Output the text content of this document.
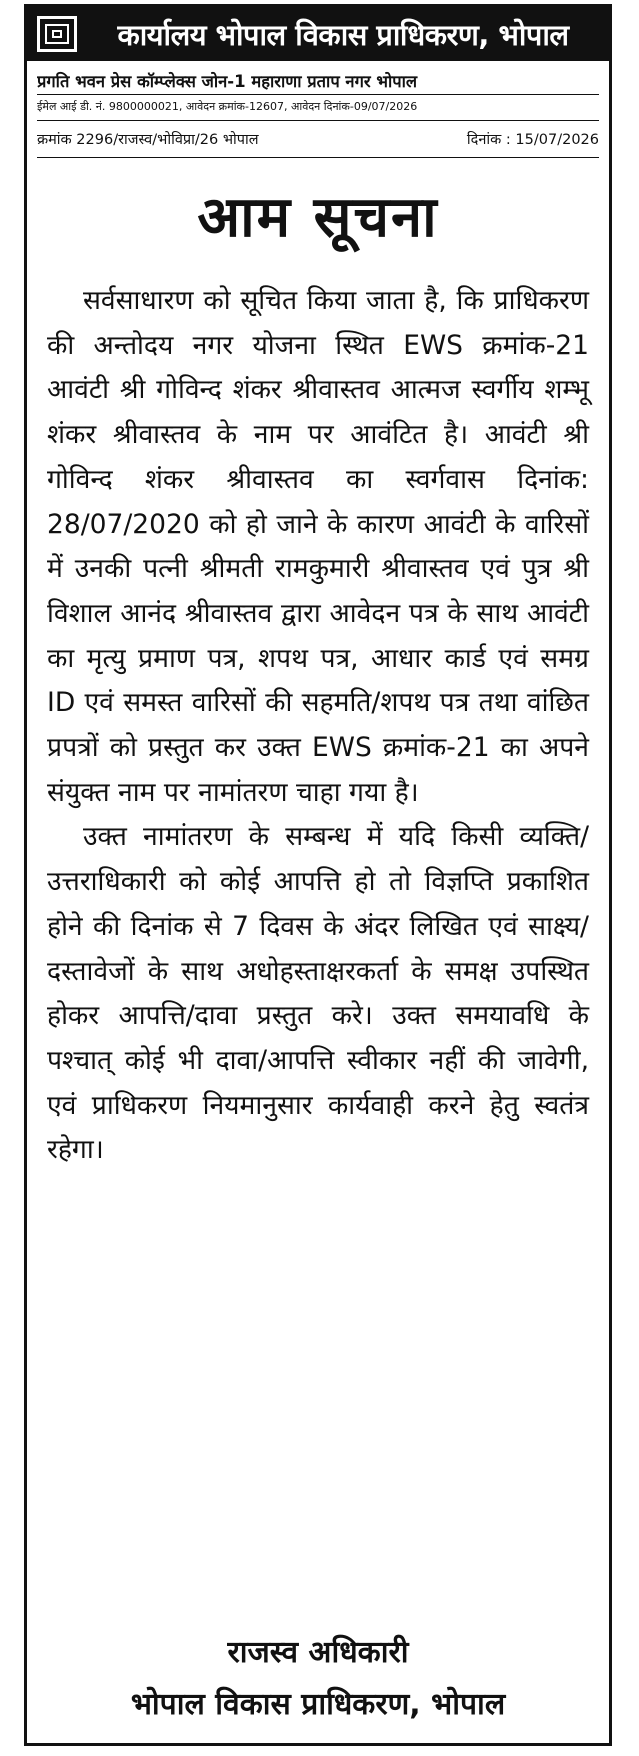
कार्यालय भोपाल विकास प्राधिकरण, भोपाल
प्रगति भवन प्रेस कॉम्प्लेक्स जोन-1 महाराणा प्रताप नगर भोपाल
ईमेल आई डी. नं. 9800000021, आवेदन क्रमांक-12607, आवेदन दिनांक-09/07/2026
क्रमांक 2296/राजस्व/भोविप्रा/26 भोपाल	दिनांक : 15/07/2026
आम सूचना

सर्वसाधारण को सूचित किया जाता है, कि प्राधिकरण की अन्तोदय नगर योजना स्थित EWS क्रमांक-21 आवंटी श्री गोविन्द शंकर श्रीवास्तव आत्मज स्वर्गीय शम्भू शंकर श्रीवास्तव के नाम पर आवंटित है। आवंटी श्री गोविन्द शंकर श्रीवास्तव का स्वर्गवास दिनांक: 28/07/2020 को हो जाने के कारण आवंटी के वारिसों में उनकी पत्नी श्रीमती रामकुमारी श्रीवास्तव एवं पुत्र श्री विशाल आनंद श्रीवास्तव द्वारा आवेदन पत्र के साथ आवंटी का मृत्यु प्रमाण पत्र, शपथ पत्र, आधार कार्ड एवं समग्र ID एवं समस्त वारिसों की सहमति/शपथ पत्र तथा वांछित प्रपत्रों को प्रस्तुत कर उक्त EWS क्रमांक-21 का अपने संयुक्त नाम पर नामांतरण चाहा गया है।

उक्त नामांतरण के सम्बन्ध में यदि किसी व्यक्ति/उत्तराधिकारी को कोई आपत्ति हो तो विज्ञप्ति प्रकाशित होने की दिनांक से 7 दिवस के अंदर लिखित एवं साक्ष्य/दस्तावेजों के साथ अधोहस्ताक्षरकर्ता के समक्ष उपस्थित होकर आपत्ति/दावा प्रस्तुत करे। उक्त समयावधि के पश्चात् कोई भी दावा/आपत्ति स्वीकार नहीं की जावेगी, एवं प्राधिकरण नियमानुसार कार्यवाही करने हेतु स्वतंत्र रहेगा।

राजस्व अधिकारी
भोपाल विकास प्राधिकरण, भोपाल
